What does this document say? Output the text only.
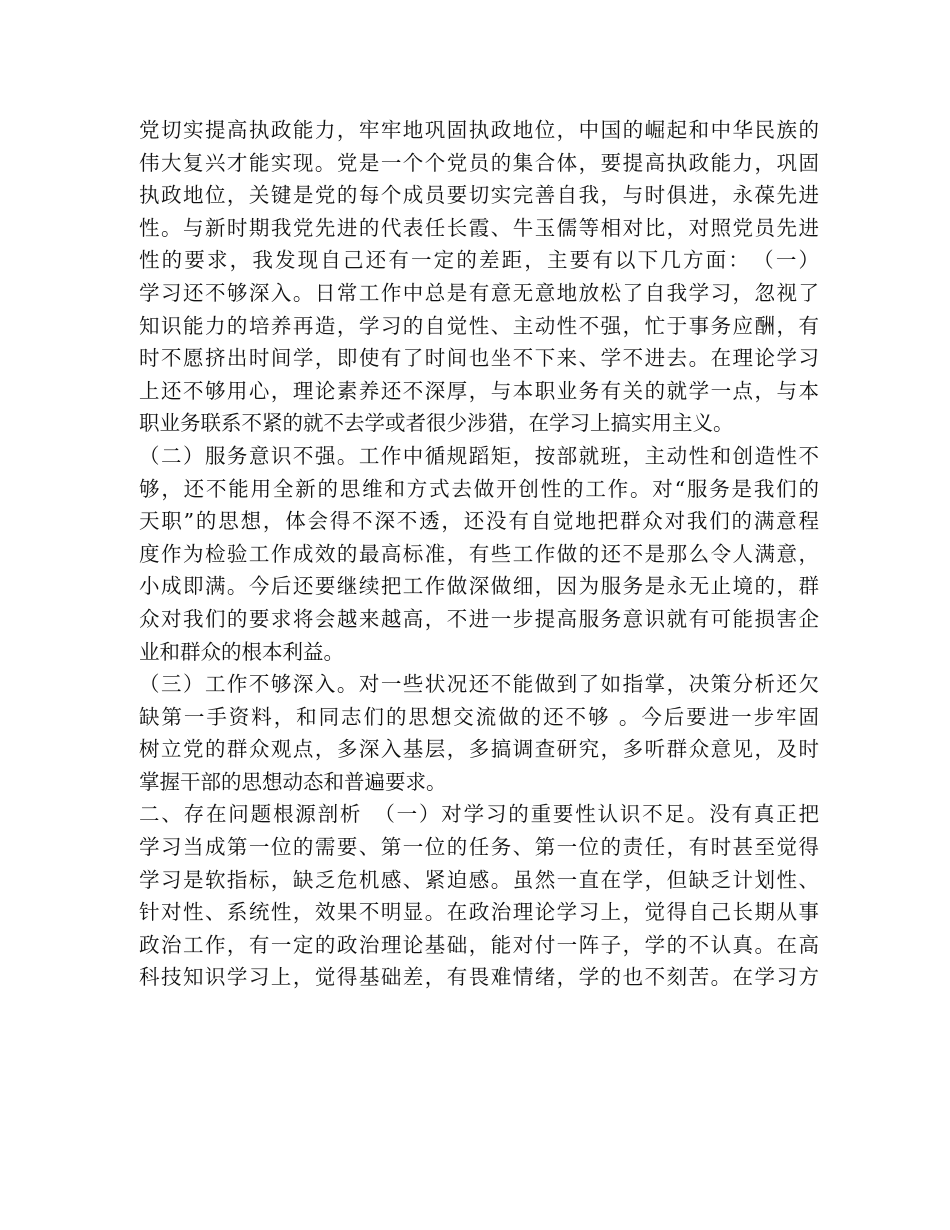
党切实提高执政能力，牢牢地巩固执政地位，中国的崛起和中华民族的
伟大复兴才能实现。党是一个个党员的集合体，要提高执政能力，巩固
执政地位，关键是党的每个成员要切实完善自我，与时俱进，永葆先进
性。与新时期我党先进的代表任长霞、牛玉儒等相对比，对照党员先进
性的要求，我发现自己还有一定的差距，主要有以下几方面：　（一）
学习还不够深入。日常工作中总是有意无意地放松了自我学习，忽视了
知识能力的培养再造，学习的自觉性、主动性不强，忙于事务应酬，有
时不愿挤出时间学，即使有了时间也坐不下来、学不进去。在理论学习
上还不够用心，理论素养还不深厚，与本职业务有关的就学一点，与本
职业务联系不紧的就不去学或者很少涉猎，在学习上搞实用主义。
（二）服务意识不强。工作中循规蹈矩，按部就班，主动性和创造性不
够，还不能用全新的思维和方式去做开创性的工作。对“服务是我们的
天职”的思想，体会得不深不透，还没有自觉地把群众对我们的满意程
度作为检验工作成效的最高标准，有些工作做的还不是那么令人满意，
小成即满。今后还要继续把工作做深做细，因为服务是永无止境的，群
众对我们的要求将会越来越高，不进一步提高服务意识就有可能损害企
业和群众的根本利益。
（三）工作不够深入。对一些状况还不能做到了如指掌，决策分析还欠
缺第一手资料，和同志们的思想交流做的还不够 。今后要进一步牢固
树立党的群众观点，多深入基层，多搞调查研究，多听群众意见，及时
掌握干部的思想动态和普遍要求。
二、存在问题根源剖析　（一）对学习的重要性认识不足。没有真正把
学习当成第一位的需要、第一位的任务、第一位的责任，有时甚至觉得
学习是软指标，缺乏危机感、紧迫感。虽然一直在学，但缺乏计划性、
针对性、系统性，效果不明显。在政治理论学习上，觉得自己长期从事
政治工作，有一定的政治理论基础，能对付一阵子，学的不认真。在高
科技知识学习上，觉得基础差，有畏难情绪，学的也不刻苦。在学习方
